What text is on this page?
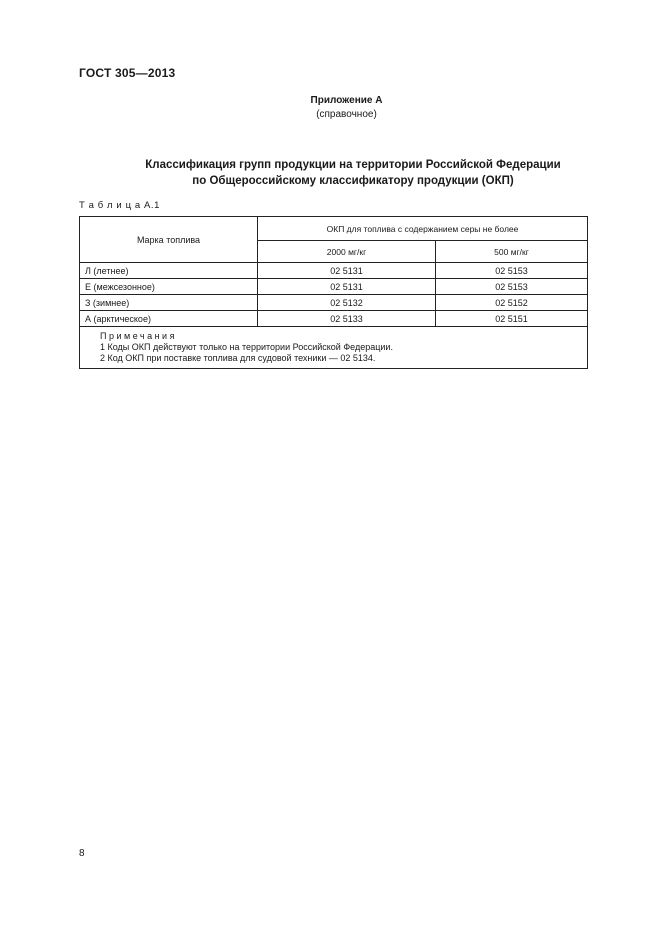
ГОСТ 305—2013
Приложение А
(справочное)
Классификация групп продукции на территории Российской Федерации
по Общероссийскому классификатору продукции (ОКП)
Т а б л и ц а А.1
Марка топлива	ОКП для топлива с содержанием серы не более	
	2000 мг/кг	500 мг/кг
Л (летнее)	02 5131	02 5153
Е (межсезонное)	02 5131	02 5153
З (зимнее)	02 5132	02 5152
А (арктическое)	02 5133	02 5151

Примечания
1 Коды ОКП действуют только на территории Российской Федерации.
2 Код ОКП при поставке топлива для судовой техники — 02 5134.		
8
